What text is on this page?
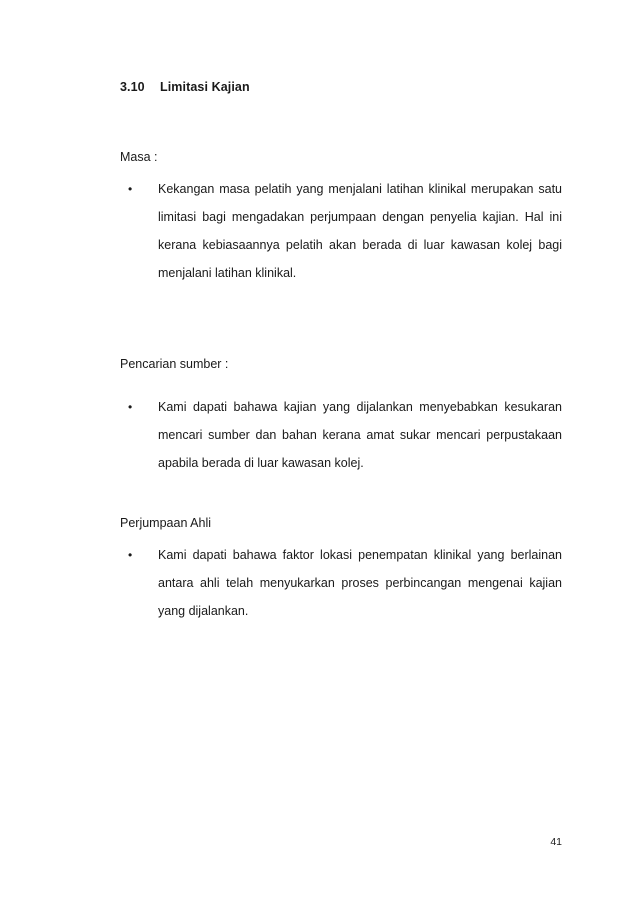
3.10 Limitasi Kajian
Masa :
• Kekangan masa pelatih yang menjalani latihan klinikal merupakan satu limitasi bagi mengadakan perjumpaan dengan penyelia kajian. Hal ini kerana kebiasaannya pelatih akan berada di luar kawasan kolej bagi menjalani latihan klinikal.
Pencarian sumber :
• Kami dapati bahawa kajian yang dijalankan menyebabkan kesukaran mencari sumber dan bahan kerana amat sukar mencari perpustakaan apabila berada di luar kawasan kolej.
Perjumpaan Ahli
• Kami dapati bahawa faktor lokasi penempatan klinikal yang berlainan antara ahli telah menyukarkan proses perbincangan mengenai kajian yang dijalankan.
41
